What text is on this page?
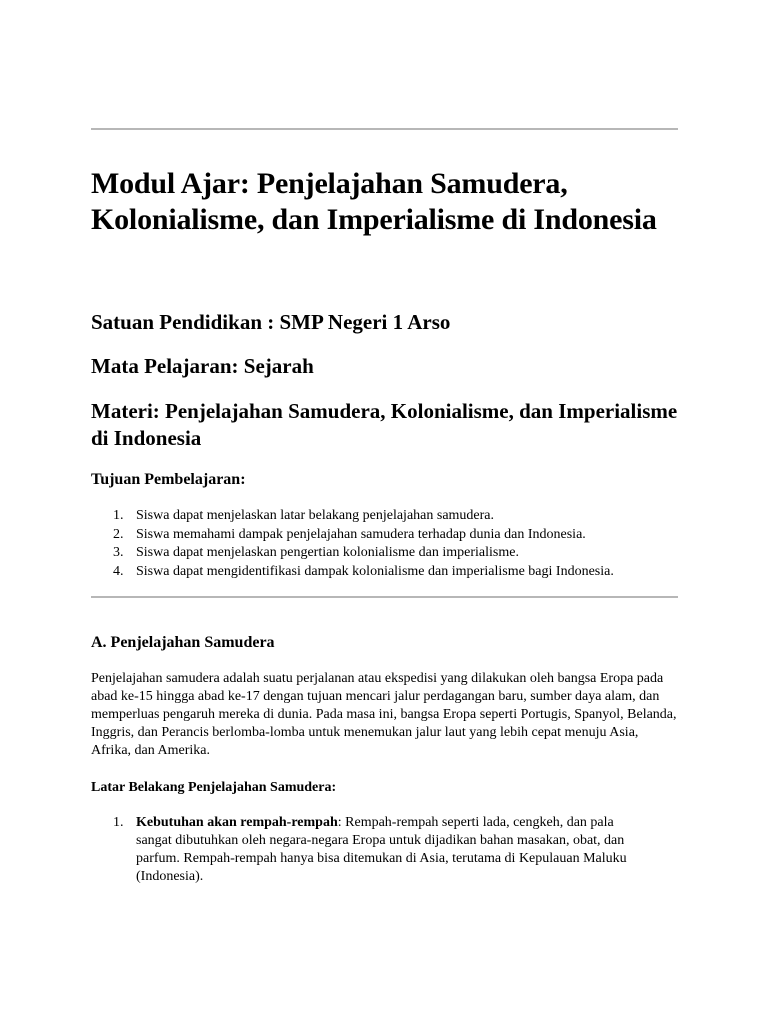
Modul Ajar: Penjelajahan Samudera, Kolonialisme, dan Imperialisme di Indonesia
Satuan Pendidikan : SMP Negeri 1 Arso
Mata Pelajaran: Sejarah
Materi: Penjelajahan Samudera, Kolonialisme, dan Imperialisme di Indonesia
Tujuan Pembelajaran:
1. Siswa dapat menjelaskan latar belakang penjelajahan samudera.
2. Siswa memahami dampak penjelajahan samudera terhadap dunia dan Indonesia.
3. Siswa dapat menjelaskan pengertian kolonialisme dan imperialisme.
4. Siswa dapat mengidentifikasi dampak kolonialisme dan imperialisme bagi Indonesia.
A. Penjelajahan Samudera

Penjelajahan samudera adalah suatu perjalanan atau ekspedisi yang dilakukan oleh bangsa Eropa pada abad ke-15 hingga abad ke-17 dengan tujuan mencari jalur perdagangan baru, sumber daya alam, dan memperluas pengaruh mereka di dunia. Pada masa ini, bangsa Eropa seperti Portugis, Spanyol, Belanda, Inggris, dan Perancis berlomba-lomba untuk menemukan jalur laut yang lebih cepat menuju Asia, Afrika, dan Amerika.

Latar Belakang Penjelajahan Samudera:
1. Kebutuhan akan rempah-rempah: Rempah-rempah seperti lada, cengkeh, dan pala sangat dibutuhkan oleh negara-negara Eropa untuk dijadikan bahan masakan, obat, dan parfum. Rempah-rempah hanya bisa ditemukan di Asia, terutama di Kepulauan Maluku (Indonesia).
